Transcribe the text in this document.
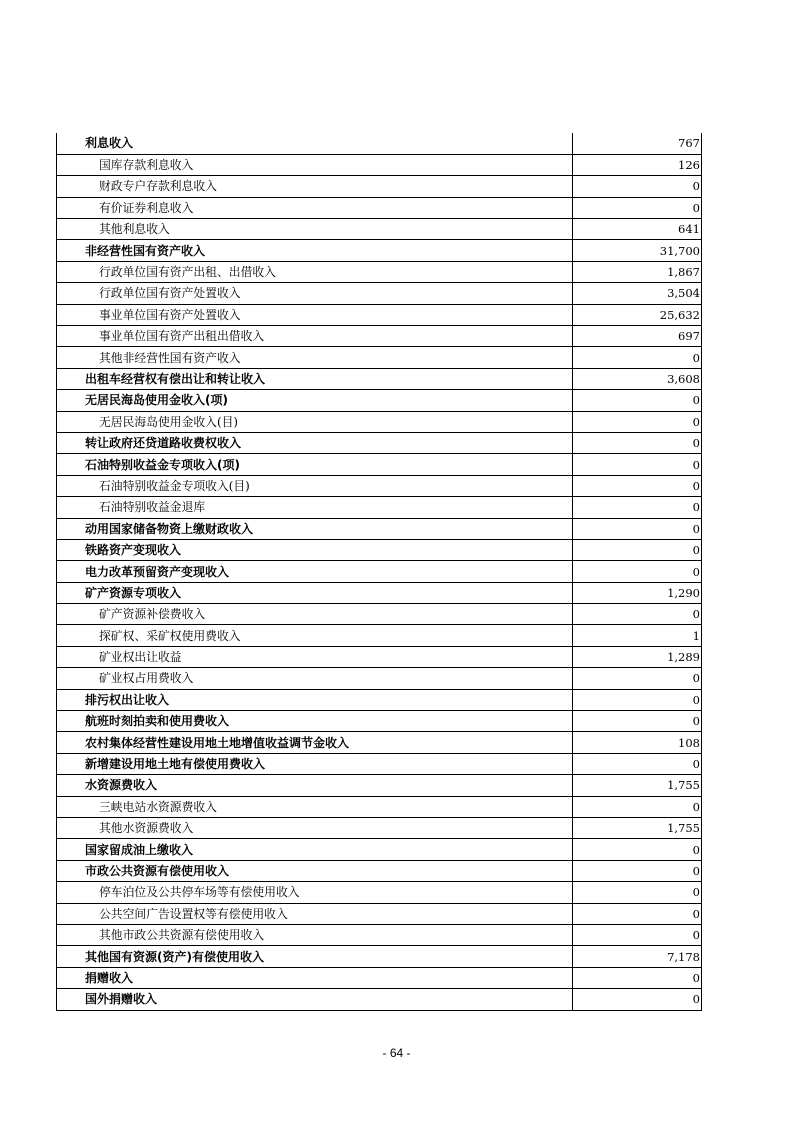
利息收入	767
国库存款利息收入	126
财政专户存款利息收入	0
有价证券利息收入	0
其他利息收入	641
非经营性国有资产收入	31,700
行政单位国有资产出租、出借收入	1,867
行政单位国有资产处置收入	3,504
事业单位国有资产处置收入	25,632
事业单位国有资产出租出借收入	697
其他非经营性国有资产收入	0
出租车经营权有偿出让和转让收入	3,608
无居民海岛使用金收入(项)	0
无居民海岛使用金收入(目)	0
转让政府还贷道路收费权收入	0
石油特别收益金专项收入(项)	0
石油特别收益金专项收入(目)	0
石油特别收益金退库	0
动用国家储备物资上缴财政收入	0
铁路资产变现收入	0
电力改革预留资产变现收入	0
矿产资源专项收入	1,290
矿产资源补偿费收入	0
探矿权、采矿权使用费收入	1
矿业权出让收益	1,289
矿业权占用费收入	0
排污权出让收入	0
航班时刻拍卖和使用费收入	0
农村集体经营性建设用地土地增值收益调节金收入	108
新增建设用地土地有偿使用费收入	0
水资源费收入	1,755
三峡电站水资源费收入	0
其他水资源费收入	1,755
国家留成油上缴收入	0
市政公共资源有偿使用收入	0
停车泊位及公共停车场等有偿使用收入	0
公共空间广告设置权等有偿使用收入	0
其他市政公共资源有偿使用收入	0
其他国有资源(资产)有偿使用收入	7,178
捐赠收入	0
国外捐赠收入	0
- 64 -
